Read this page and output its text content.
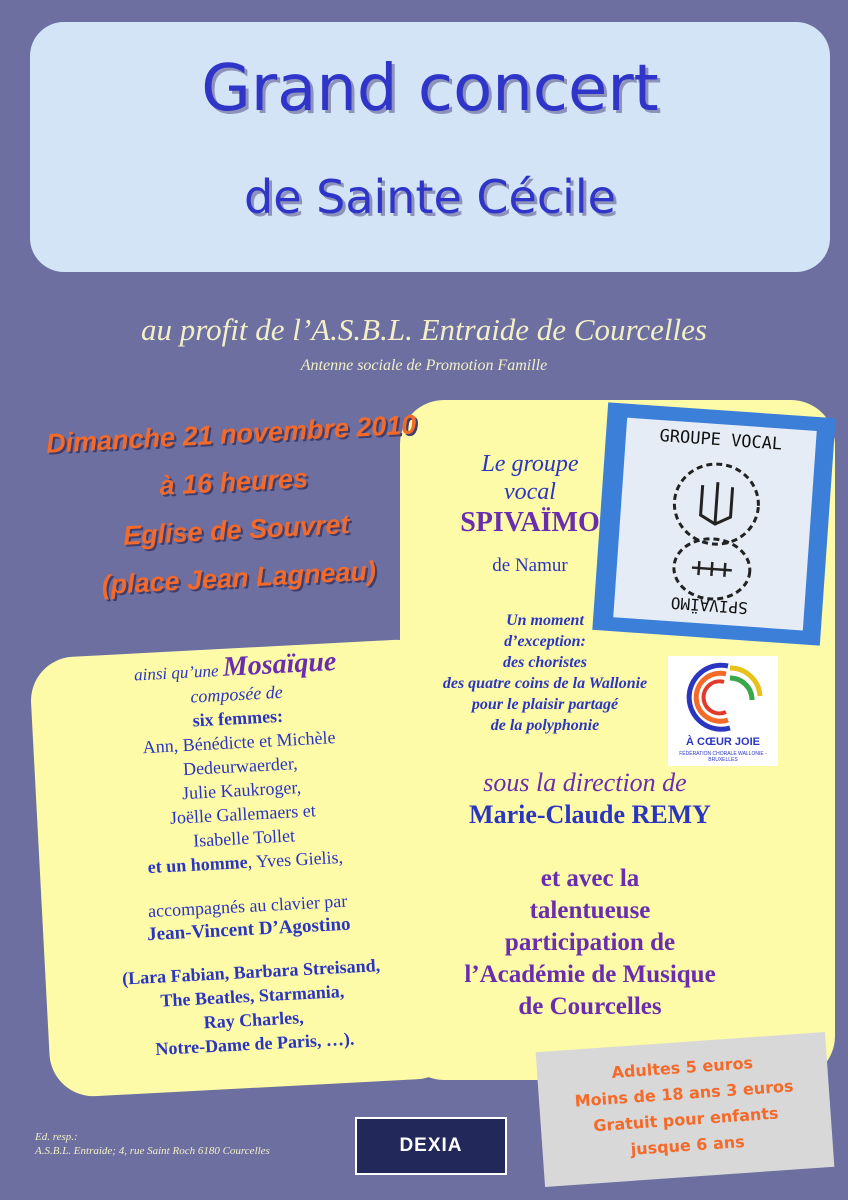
Grand concert
de Sainte Cécile
au profit de l’A.S.B.L. Entraide de Courcelles
Antenne sociale de Promotion Famille
Dimanche 21 novembre 2010
à 16 heures
Eglise de Souvret
(place Jean Lagneau)
Le groupe
vocal
SPIVAÏMO
de Namur
GROUPE VOCAL
SPIVAÏMO
Un moment
d’exception:
des choristes
des quatre coins de la Wallonie
pour le plaisir partagé
de la polyphonie
À CŒUR JOIE
FÉDÉRATION CHORALE WALLONIE - BRUXELLES
sous la direction de
Marie-Claude REMY
et avec la
talentueuse
participation de
l’Académie de Musique
de Courcelles
ainsi qu’une Mosaïque
composée de
six femmes:
Ann, Bénédicte et Michèle
Dedeurwaerder,
Julie Kaukroger,
Joëlle Gallemaers et
Isabelle Tollet
et un homme, Yves Gielis,
accompagnés au clavier par
Jean-Vincent D’Agostino
(Lara Fabian, Barbara Streisand,
The Beatles, Starmania,
Ray Charles,
Notre-Dame de Paris, …).
Adultes 5 euros
Moins de 18 ans 3 euros
Gratuit pour enfants
jusque 6 ans
Ed. resp.:
A.S.B.L. Entraide; 4, rue Saint Roch 6180 Courcelles	DEXIA
